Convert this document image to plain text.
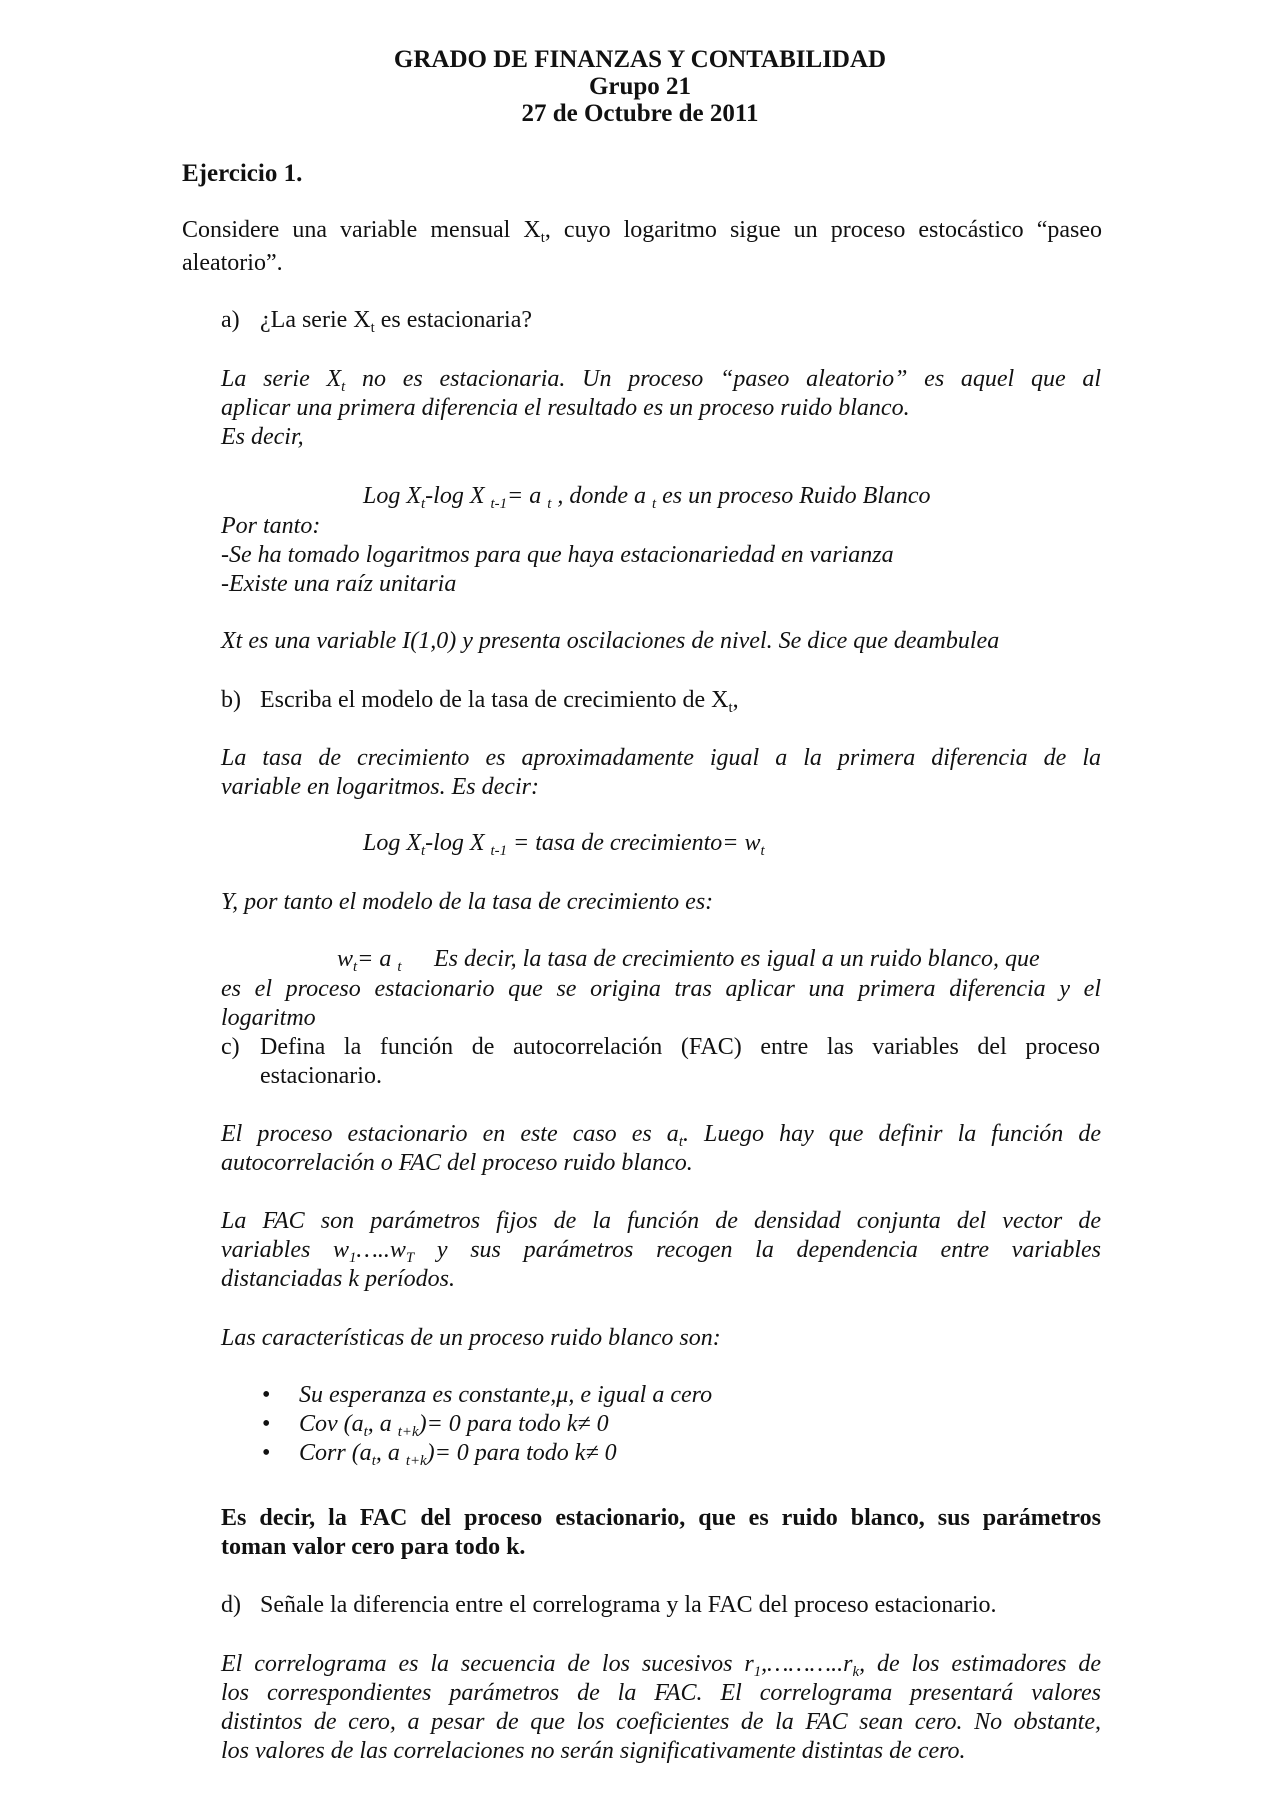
GRADO DE FINANZAS Y CONTABILIDAD
Grupo 21
27 de Octubre de 2011
Ejercicio 1.
Considere una variable mensual $X_t$, cuyo logaritmo sigue un proceso estocástico “paseo
aleatorio”.
a) ¿La serie $X_t$ es estacionaria?
La serie $X_t$ no es estacionaria. Un proceso “paseo aleatorio” es aquel que al
aplicar una primera diferencia el resultado es un proceso ruido blanco.
Es decir,
Log $X_t-\log$ X $_{t-1}$= a $_t$ , donde a $_t$ es un proceso Ruido Blanco
Por tanto:
-Se ha tomado logaritmos para que haya estacionariedad en varianza
-Existe una raíz unitaria
Xt es una variable I(1,0) y presenta oscilaciones de nivel. Se dice que deambulea
b) Escriba el modelo de la tasa de crecimiento de $X_t$,
La tasa de crecimiento es aproximadamente igual a la primera diferencia de la
variable en logaritmos. Es decir:
Log $X_t-\log$ X $_{t-1}$ = tasa de crecimiento= $w_t$
Y, por tanto el modelo de la tasa de crecimiento es:
$w_t= a$ $_t$ Es decir, la tasa de crecimiento es igual a un ruido blanco, que
es el proceso estacionario que se origina tras aplicar una primera diferencia y el
logaritmo
c) Defina la función de autocorrelación (FAC) entre las variables del proceso
estacionario.
El proceso estacionario en este caso es $a_t$. Luego hay que definir la función de
autocorrelación o FAC del proceso ruido blanco.
La FAC son parámetros fijos de la función de densidad conjunta del vector de
variables $w_1\dots..w_T$ y sus parámetros recogen la dependencia entre variables
distanciadas k períodos.
Las características de un proceso ruido blanco son:
• Su esperanza es constante,μ, e igual a cero
• Cov ($a_t$, a $_{t+k}$)= 0 para todo k≠ 0
• Corr ($a_t$, a $_{t+k}$)= 0 para todo k≠ 0
Es decir, la FAC del proceso estacionario, que es ruido blanco, sus parámetros
toman valor cero para todo k.
d) Señale la diferencia entre el correlograma y la FAC del proceso estacionario.
El correlograma es la secuencia de los sucesivos $r_1,\dots\dots\dots..r_k$, de los estimadores de
los correspondientes parámetros de la FAC. El correlograma presentará valores
distintos de cero, a pesar de que los coeficientes de la FAC sean cero. No obstante,
los valores de las correlaciones no serán significativamente distintas de cero.
